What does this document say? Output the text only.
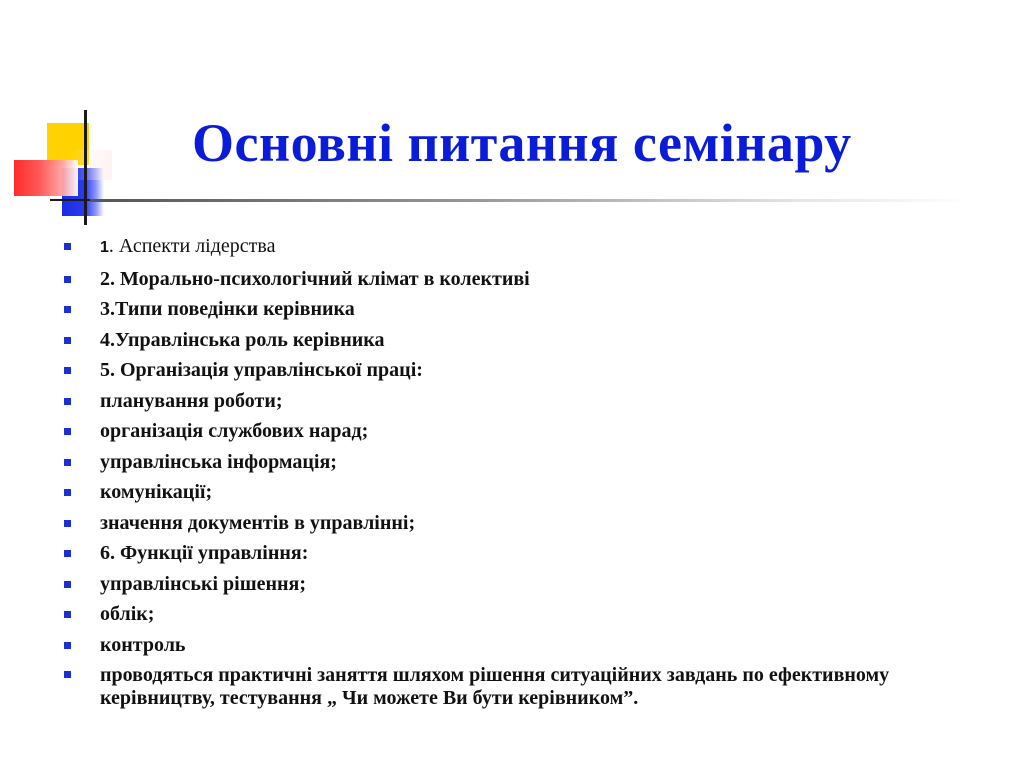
Основні питання семінару
1. Аспекти лідерства
2. Морально-психологічний клімат в колективі
3.Типи поведінки керівника
4.Управлінська роль керівника
5. Організація управлінської праці:
планування роботи;
організація службових нарад;
управлінська інформація;
комунікації;
значення документів в управлінні;
6. Функції управління:
управлінські рішення;
облік;
контроль
проводяться практичні заняття шляхом рішення ситуаційних завдань по ефективному керівництву, тестування „ Чи можете Ви бути керівником”.
